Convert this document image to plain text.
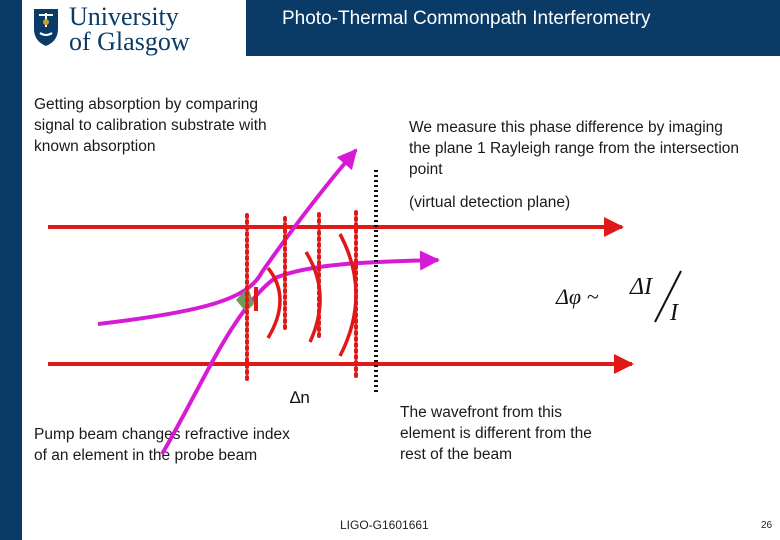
Photo-Thermal Commonpath Interferometry
University
of Glasgow
Getting absorption by comparing signal to calibration substrate with known absorption
We measure this phase difference by imaging the plane 1 Rayleigh range from the intersection point
(virtual detection plane)
Pump beam changes refractive index of an element in the probe beam
The wavefront from this element is different from the rest of the beam
Δφ ~ ΔI
I
∆n
LIGO-G1601661	26
